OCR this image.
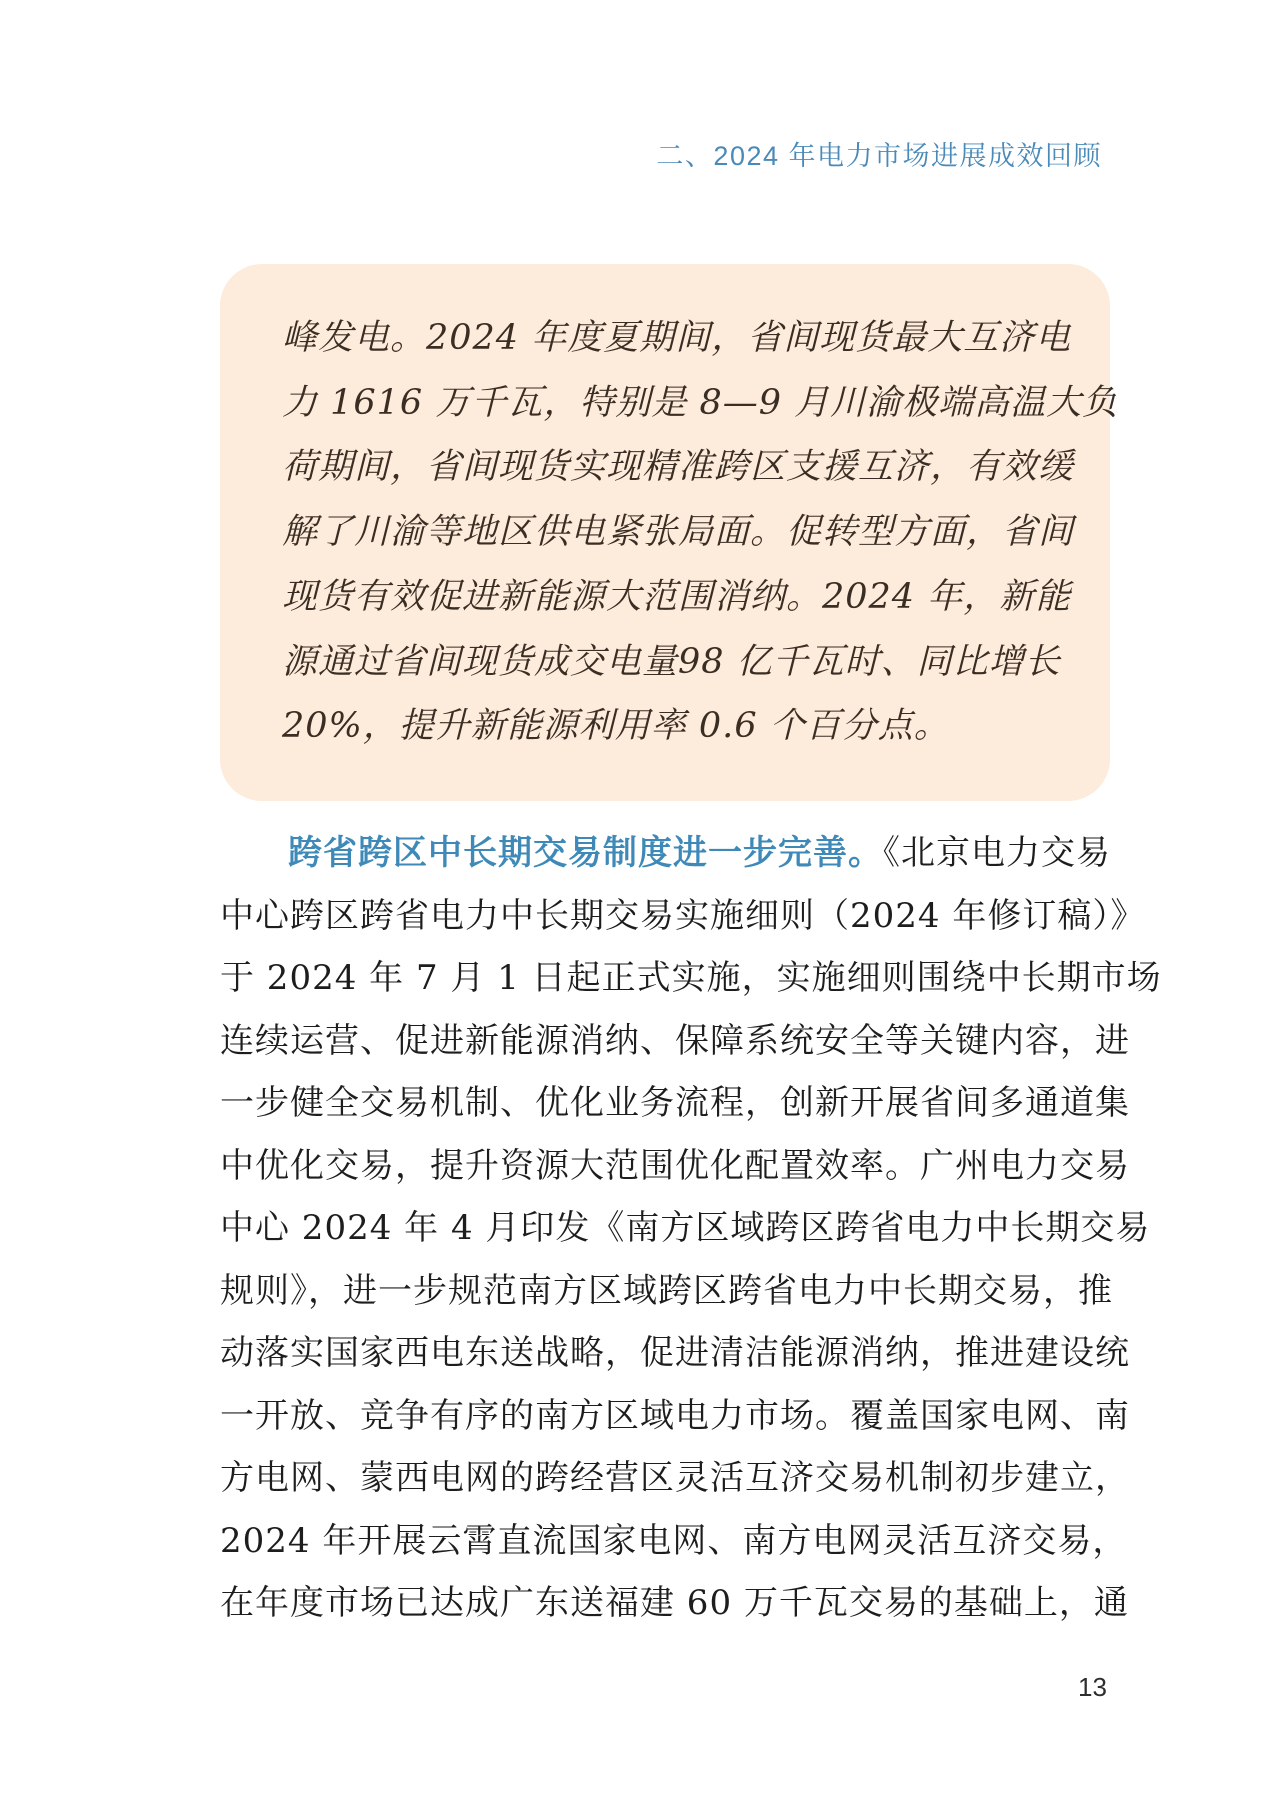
二、2024 年电力市场进展成效回顾
峰发电。2024 年度夏期间，省间现货最大互济电
力 1616 万千瓦，特别是 8—9 月川渝极端高温大负
荷期间，省间现货实现精准跨区支援互济，有效缓
解了川渝等地区供电紧张局面。促转型方面，省间
现货有效促进新能源大范围消纳。2024 年，新能
源通过省间现货成交电量98 亿千瓦时、同比增长
20%，提升新能源利用率 0.6 个百分点。
跨省跨区中长期交易制度进一步完善。《北京电力交易
中心跨区跨省电力中长期交易实施细则（2024 年修订稿）》
于 2024 年 7 月 1 日起正式实施，实施细则围绕中长期市场
连续运营、促进新能源消纳、保障系统安全等关键内容，进
一步健全交易机制、优化业务流程，创新开展省间多通道集
中优化交易，提升资源大范围优化配置效率。广州电力交易
中心 2024 年 4 月印发《南方区域跨区跨省电力中长期交易
规则》，进一步规范南方区域跨区跨省电力中长期交易，推
动落实国家西电东送战略，促进清洁能源消纳，推进建设统
一开放、竞争有序的南方区域电力市场。覆盖国家电网、南
方电网、蒙西电网的跨经营区灵活互济交易机制初步建立，
2024 年开展云霄直流国家电网、南方电网灵活互济交易，
在年度市场已达成广东送福建 60 万千瓦交易的基础上，通
13
